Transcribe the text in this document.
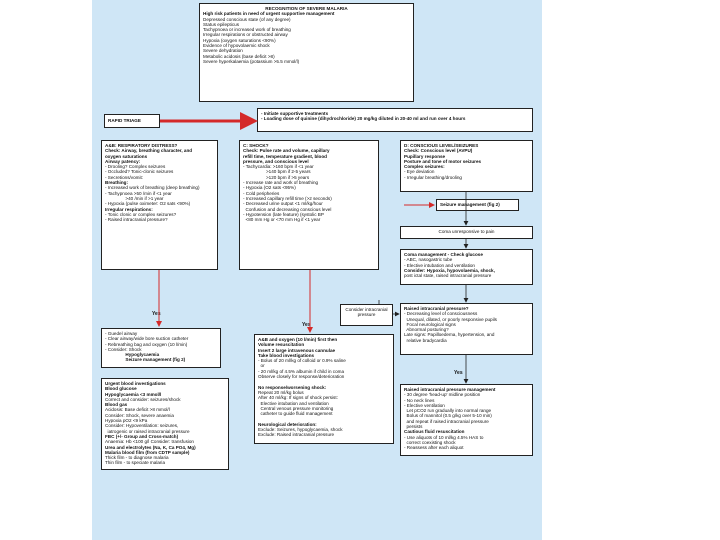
RECOGNITION OF SEVERE MALARIA
High risk patients in need of urgent supportive management
Depressed conscious state (of any degree)
Status epilepticus
Tachypnoea or increased work of breathing
Irregular respirations or obstructed airway
Hypoxia (oxygen saturations <90%)
Evidence of hypovolaemic shock
Severe dehydration
Metabolic acidosis (base deficit >8)
Severe hyperkalaemia (potassium >5.5 mmol/l)
RAPID TRIAGE
- Initiate supportive treatments
- Loading dose of quinine (dihydrochloride) 20 mg/kg diluted in 20-40 ml and run over 4 hours
A&B: RESPIRATORY DISTRESS?
Check: Airway, breathing character, and
oxygen saturations
Airway patency:
- Drooling? Complex seizures
- Occluded? Tonic-clonic seizures
- Secretions/vomit:
Breathing:
- Increased work of breathing (deep breathing)
- Tachypnoea >50 /min if <1 year
>40 /min if >1 year
- Hypoxia (pulse oximeter: O2 sats <90%)
Irregular respirations:
- Tonic clonic or complex seizures?
- Raised intracranial pressure?
C: SHOCK?
Check: Pulse rate and volume, capillary
refill time, temperature gradient, blood
pressure, and conscious level
- Tachycardia: >160 bpm if <1 year
>140 bpm if 2-5 years
>120 bpm if >5 years
- Increase rate and work of breathing
- Hypoxia (O2 sats <95%)
- Cold peripheries
- Increased capillary refill time (>2 seconds)
- Decreased urine output <1 ml/kg/hour
Confusion and decreasing conscious level
- Hypotension (late feature) (systolic BP
<80 mm Hg or <70 mm Hg if <1 year
D: CONSCIOUS LEVEL/SEIZURES
Check: Conscious level (AVPU)
Pupillary response
Posture and tone of motor seizures
Complex seizures:
- Eye deviation
- Irregular breathing/drooling
Seizure management (fig 2)
Coma unresponsive to pain
Coma management - Check glucose
- ABC, nasogastric tube
- Elective intubation and ventilation
Consider: Hypoxia, hypovolaemia, shock,
post ictal state, raised intracranial pressure
Consider intracranial pressure
Raised intracranial pressure?
- Decreasing level of consciousness
Unequal, dilated, or poorly responsive pupils
Focal neurological signs
Abnormal posturing?
Late signs: Papilloedema, hypertension, and
relative bradycardia
Yes
Yes
Yes
- Guedel airway
- Clear airway/wide bore suction catheter
- Rebreathing bag and oxygen (10 l/min)
- Consider: Shock
Hypoglycaemia
Seizure management (fig 2)
A&B and oxygen (10 l/min) first then
Volume resuscitation
Insert 2 large intravenous cannulae
Take blood investigations
- Bolus of 20 ml/kg of colloid or 0.9% saline
or
- 20 ml/kg of 4.5% albumin if child in coma
Observe closely for response/deterioration

No response/worsening shock:
Repeat 20 ml/kg bolus
After 40 ml/kg: If signs of shock persist:
Elective intubation and ventilation
Central venous pressure monitoring
catheter to guide fluid management

Neurological deterioration:
Exclude: Seizures, hypoglycaemia, shock
Exclude: Raised intracranial pressure
Urgent blood investigations
Blood glucose
Hypoglycaemia <3 mmol/l
Correct and consider: seizures/shock
Blood gas
Acidosis: Base deficit >8 mmol/l
Consider: Shock, severe anaemia
Hypoxia pO2 <9 kPa
Consider: Hypoventilation: seizures,
iatrogenic or raised intracranial pressure
FBC (+/- Group and Cross-match)
Anaemia: Hb <100 g/l Consider: transfusion
Urea and electrolytes (Na, K, Ca PO4, Mg)
Malaria blood film (from CDTP sample)
Thick film - to diagnose malaria
Thin film - to speciate malaria
Raised intracranial pressure management
- 30 degree 'head-up' midline position
- No neck lines
- Elective ventilation
Let pCO2 run gradually into normal range
Bolus of mannitol (0.5 g/kg over 5-10 min)
and repeat if raised intracranial pressure
persists
Cautious fluid resuscitation
- Use aliquots of 10 ml/kg 4.5% HAS to
correct coexisting shock
- Reassess after each aliquot
